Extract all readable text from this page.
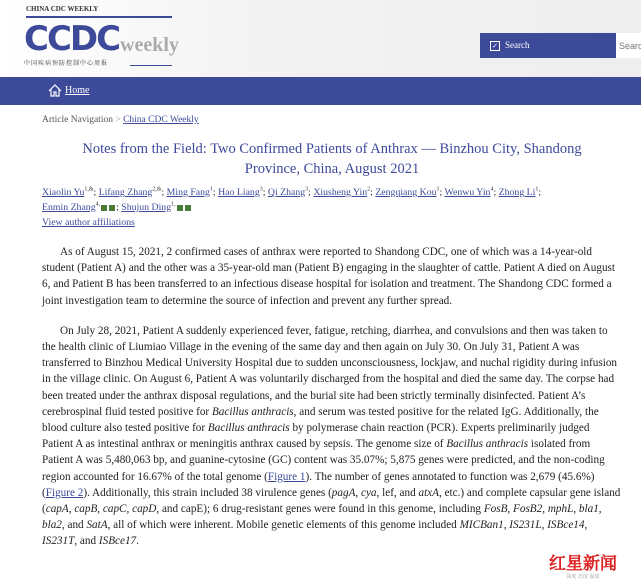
CHINA CDC WEEKLY
CCDC weekly
中国疾病预防控制中心周报
✓ Search
Search
Home
Article Navigation > China CDC Weekly
Notes from the Field: Two Confirmed Patients of Anthrax — Binzhou City, Shandong Province, China, August 2021
Xiaolin $Yu^{1,\&}$; Lifang Zhang$^{2,\&}$; Ming Fang$^1$; Hao Liang$^3$; Qi Zhang$^3$; Xiusheng Yin$^2$; Zengqiang Kou$^1$; Wenwu Yin$^4$; Zhong Li$^1$;
Enmin Zhang$^{4,}$ ; Shujun Ding$^{1,}$
View author affiliations

As of August 15, 2021, 2 confirmed cases of anthrax were reported to Shandong CDC, one of which was a 14-year-old student (Patient A) and the other was a 35-year-old man (Patient B) engaging in the slaughter of cattle. Patient A died on August 6, and Patient B has been transferred to an infectious disease hospital for isolation and treatment. The Shandong CDC formed a joint investigation team to determine the source of infection and prevent any further spread.

On July 28, 2021, Patient A suddenly experienced fever, fatigue, retching, diarrhea, and convulsions and then was taken to the health clinic of Liumiao Village in the evening of the same day and then again on July 30. On July 31, Patient A was transferred to Binzhou Medical University Hospital due to sudden unconsciousness, lockjaw, and nuchal rigidity during infusion in the village clinic. On August 6, Patient A was voluntarily discharged from the hospital and died the same day. The corpse had been treated under the anthrax disposal regulations, and the burial site had been strictly terminally disinfected. Patient A’s cerebrospinal fluid tested positive for Bacillus anthracis, and serum was tested positive for the related IgG. Additionally, the blood culture also tested positive for Bacillus anthracis by polymerase chain reaction (PCR). Experts preliminarily judged Patient A as intestinal anthrax or meningitis anthrax caused by sepsis. The genome size of Bacillus anthracis isolated from Patient A was 5,480,063 bp, and guanine-cytosine (GC) content was 35.07%; 5,875 genes were predicted, and the non-coding region accounted for 16.67% of the total genome (Figure 1). The number of genes annotated to function was 2,679 (45.6%) (Figure 2). Additionally, this strain included 38 virulence genes (pagA, cya, lef, and atxA, etc.) and complete capsular gene island (capA, capB, capC, capD, and capE); 6 drug-resistant genes were found in this genome, including FosB, FosB2, mphL, bla1, bla2, and SatA, all of which were inherent. Mobile genetic elements of this genome included MICBan1, IS231L, ISBce14, IS231T, and ISBce17.

红星新闻
深度 态度 温度
